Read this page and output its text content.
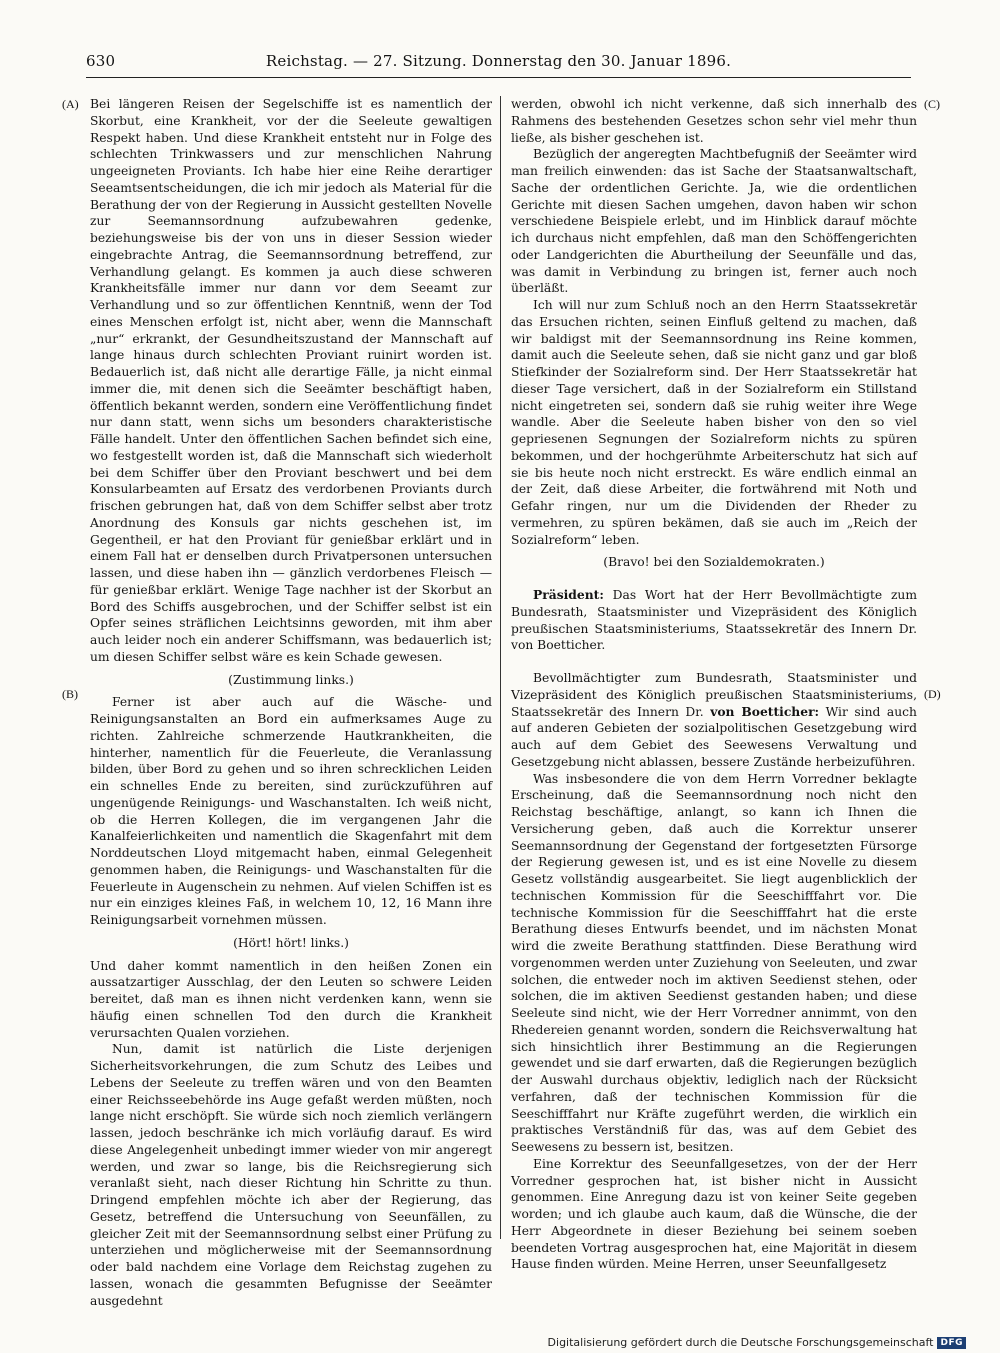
630	Reichstag. — 27. Sitzung. Donnerstag den 30. Januar 1896.
(A)
(B)
(C)
(D)

Bei längeren Reisen der Segelschiffe ist es namentlich der Skorbut, eine Krankheit, vor der die Seeleute gewaltigen Respekt haben. Und diese Krankheit entsteht nur in Folge des schlechten Trinkwassers und zur menschlichen Nahrung ungeeigneten Proviants. Ich habe hier eine Reihe derartiger Seeamtsentscheidungen, die ich mir jedoch als Material für die Berathung der von der Regierung in Aussicht gestellten Novelle zur Seemannsordnung aufzubewahren gedenke, beziehungsweise bis der von uns in dieser Session wieder eingebrachte Antrag, die Seemannsordnung betreffend, zur Verhandlung gelangt. Es kommen ja auch diese schweren Krankheitsfälle immer nur dann vor dem Seeamt zur Verhandlung und so zur öffentlichen Kenntniß, wenn der Tod eines Menschen erfolgt ist, nicht aber, wenn die Mannschaft „nur“ erkrankt, der Gesundheitszustand der Mannschaft auf lange hinaus durch schlechten Proviant ruinirt worden ist. Bedauerlich ist, daß nicht alle derartige Fälle, ja nicht einmal immer die, mit denen sich die Seeämter beschäftigt haben, öffentlich bekannt werden, sondern eine Veröffentlichung findet nur dann statt, wenn sichs um besonders charakteristische Fälle handelt. Unter den öffentlichen Sachen befindet sich eine, wo festgestellt worden ist, daß die Mannschaft sich wiederholt bei dem Schiffer über den Proviant beschwert und bei dem Konsularbeamten auf Ersatz des verdorbenen Proviants durch frischen gebrungen hat, daß von dem Schiffer selbst aber trotz Anordnung des Konsuls gar nichts geschehen ist, im Gegentheil, er hat den Proviant für genießbar erklärt und in einem Fall hat er denselben durch Privatpersonen untersuchen lassen, und diese haben ihn — gänzlich verdorbenes Fleisch — für genießbar erklärt. Wenige Tage nachher ist der Skorbut an Bord des Schiffs ausgebrochen, und der Schiffer selbst ist ein Opfer seines sträflichen Leichtsinns geworden, mit ihm aber auch leider noch ein anderer Schiffsmann, was bedauerlich ist; um diesen Schiffer selbst wäre es kein Schade gewesen.

(Zustimmung links.)

Ferner ist aber auch auf die Wäsche- und Reinigungsanstalten an Bord ein aufmerksames Auge zu richten. Zahlreiche schmerzende Hautkrankheiten, die hinterher, namentlich für die Feuerleute, die Veranlassung bilden, über Bord zu gehen und so ihren schrecklichen Leiden ein schnelles Ende zu bereiten, sind zurückzuführen auf ungenügende Reinigungs- und Waschanstalten. Ich weiß nicht, ob die Herren Kollegen, die im vergangenen Jahr die Kanalfeierlichkeiten und namentlich die Skagenfahrt mit dem Norddeutschen Lloyd mitgemacht haben, einmal Gelegenheit genommen haben, die Reinigungs- und Waschanstalten für die Feuerleute in Augenschein zu nehmen. Auf vielen Schiffen ist es nur ein einziges kleines Faß, in welchem 10, 12, 16 Mann ihre Reinigungsarbeit vornehmen müssen.

(Hört! hört! links.)

Und daher kommt namentlich in den heißen Zonen ein aussatzartiger Ausschlag, der den Leuten so schwere Leiden bereitet, daß man es ihnen nicht verdenken kann, wenn sie häufig einen schnellen Tod den durch die Krankheit verursachten Qualen vorziehen.

Nun, damit ist natürlich die Liste derjenigen Sicherheitsvorkehrungen, die zum Schutz des Leibes und Lebens der Seeleute zu treffen wären und von den Beamten einer Reichsseebehörde ins Auge gefaßt werden müßten, noch lange nicht erschöpft. Sie würde sich noch ziemlich verlängern lassen, jedoch beschränke ich mich vorläufig darauf. Es wird diese Angelegenheit unbedingt immer wieder von mir angeregt werden, und zwar so lange, bis die Reichsregierung sich veranlaßt sieht, nach dieser Richtung hin Schritte zu thun. Dringend empfehlen möchte ich aber der Regierung, das Gesetz, betreffend die Untersuchung von Seeunfällen, zu gleicher Zeit mit der Seemannsordnung selbst einer Prüfung zu unterziehen und möglicherweise mit der Seemannsordnung oder bald nachdem eine Vorlage dem Reichstag zugehen zu lassen, wonach die gesammten Befugnisse der Seeämter ausgedehnt

werden, obwohl ich nicht verkenne, daß sich innerhalb des Rahmens des bestehenden Gesetzes schon sehr viel mehr thun ließe, als bisher geschehen ist.

Bezüglich der angeregten Machtbefugniß der Seeämter wird man freilich einwenden: das ist Sache der Staatsanwaltschaft, Sache der ordentlichen Gerichte. Ja, wie die ordentlichen Gerichte mit diesen Sachen umgehen, davon haben wir schon verschiedene Beispiele erlebt, und im Hinblick darauf möchte ich durchaus nicht empfehlen, daß man den Schöffengerichten oder Landgerichten die Aburtheilung der Seeunfälle und das, was damit in Verbindung zu bringen ist, ferner auch noch überläßt.

Ich will nur zum Schluß noch an den Herrn Staatssekretär das Ersuchen richten, seinen Einfluß geltend zu machen, daß wir baldigst mit der Seemannsordnung ins Reine kommen, damit auch die Seeleute sehen, daß sie nicht ganz und gar bloß Stiefkinder der Sozialreform sind. Der Herr Staatssekretär hat dieser Tage versichert, daß in der Sozialreform ein Stillstand nicht eingetreten sei, sondern daß sie ruhig weiter ihre Wege wandle. Aber die Seeleute haben bisher von den so viel gepriesenen Segnungen der Sozialreform nichts zu spüren bekommen, und der hochgerühmte Arbeiterschutz hat sich auf sie bis heute noch nicht erstreckt. Es wäre endlich einmal an der Zeit, daß diese Arbeiter, die fortwährend mit Noth und Gefahr ringen, nur um die Dividenden der Rheder zu vermehren, zu spüren bekämen, daß sie auch im „Reich der Sozialreform“ leben.

(Bravo! bei den Sozialdemokraten.)

Präsident: Das Wort hat der Herr Bevollmächtigte zum Bundesrath, Staatsminister und Vizepräsident des Königlich preußischen Staatsministeriums, Staatssekretär des Innern Dr. von Boetticher.

Bevollmächtigter zum Bundesrath, Staatsminister und Vizepräsident des Königlich preußischen Staatsministeriums, Staatssekretär des Innern Dr. von Boetticher: Wir sind auch auf anderen Gebieten der sozialpolitischen Gesetzgebung wird auch auf dem Gebiet des Seewesens Verwaltung und Gesetzgebung nicht ablassen, bessere Zustände herbeizuführen.

Was insbesondere die von dem Herrn Vorredner beklagte Erscheinung, daß die Seemannsordnung noch nicht den Reichstag beschäftige, anlangt, so kann ich Ihnen die Versicherung geben, daß auch die Korrektur unserer Seemannsordnung der Gegenstand der fortgesetzten Fürsorge der Regierung gewesen ist, und es ist eine Novelle zu diesem Gesetz vollständig ausgearbeitet. Sie liegt augenblicklich der technischen Kommission für die Seeschifffahrt vor. Die technische Kommission für die Seeschifffahrt hat die erste Berathung dieses Entwurfs beendet, und im nächsten Monat wird die zweite Berathung stattfinden. Diese Berathung wird vorgenommen werden unter Zuziehung von Seeleuten, und zwar solchen, die entweder noch im aktiven Seedienst stehen, oder solchen, die im aktiven Seedienst gestanden haben; und diese Seeleute sind nicht, wie der Herr Vorredner annimmt, von den Rhedereien genannt worden, sondern die Reichsverwaltung hat sich hinsichtlich ihrer Bestimmung an die Regierungen gewendet und sie darf erwarten, daß die Regierungen bezüglich der Auswahl durchaus objektiv, lediglich nach der Rücksicht verfahren, daß der technischen Kommission für die Seeschifffahrt nur Kräfte zugeführt werden, die wirklich ein praktisches Verständniß für das, was auf dem Gebiet des Seewesens zu bessern ist, besitzen.

Eine Korrektur des Seeunfallgesetzes, von der der Herr Vorredner gesprochen hat, ist bisher nicht in Aussicht genommen. Eine Anregung dazu ist von keiner Seite gegeben worden; und ich glaube auch kaum, daß die Wünsche, die der Herr Abgeordnete in dieser Beziehung bei seinem soeben beendeten Vortrag ausgesprochen hat, eine Majorität in diesem Hause finden würden. Meine Herren, unser Seeunfallgesetz

Digitalisierung gefördert durch die Deutsche Forschungsgemeinschaft DFG
